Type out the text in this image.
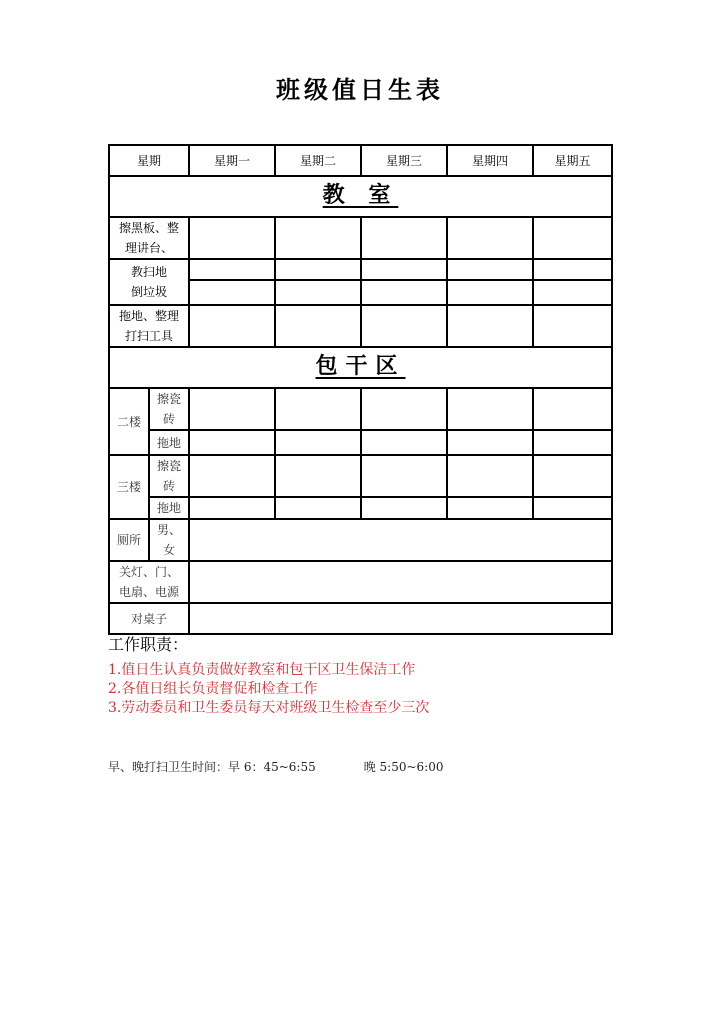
班级值日生表
星期		星期一	星期二	星期三	星期四	星期五
教 室						

擦黑板、整
理讲台、						

教扫地
倒垃圾						

拖地、整理
打扫工具						

包干区						
二楼	擦瓷
砖					

	拖地					
三楼	擦瓷
砖					

	拖地					
厕所	男、
女					

关灯、门、
电扇、电源						

对桌子						
工作职责：
1.值日生认真负责做好教室和包干区卫生保洁工作
2.各值日组长负责督促和检查工作
3.劳动委员和卫生委员每天对班级卫生检查至少三次
早、晚打扫卫生时间：早 6：45~6:55	晚 5:50~6:00
